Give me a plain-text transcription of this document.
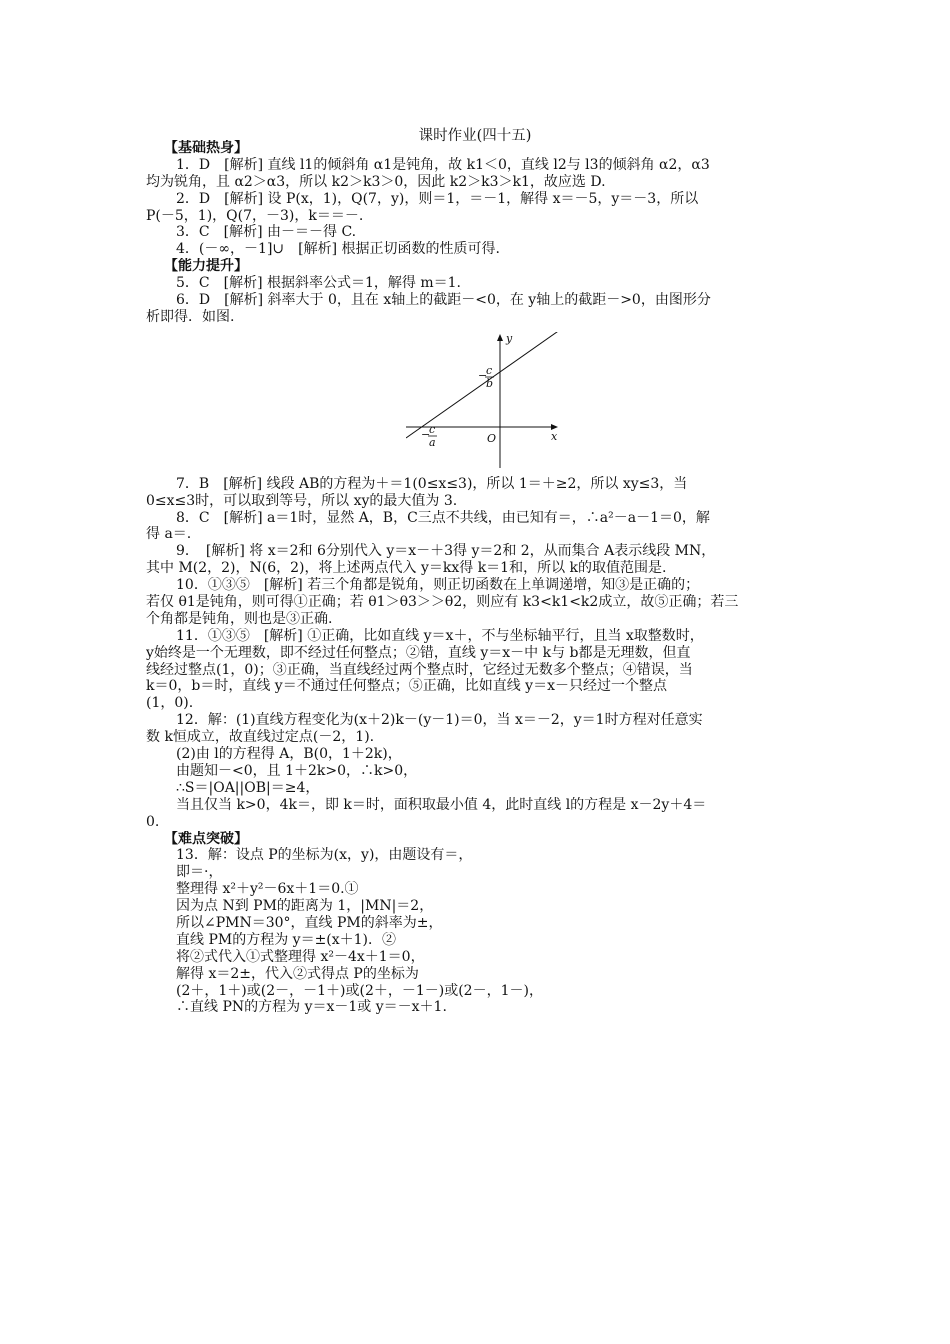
课时作业(四十五)
【基础热身】
1．D　[解析] 直线 l1的倾斜角 α1是钝角，故 k1＜0，直线 l2与 l3的倾斜角 α2，α3
均为锐角，且 α2＞α3，所以 k2＞k3＞0，因此 k2＞k3＞k1，故应选 D.
2．D　[解析] 设 P(x，1)，Q(7，y)，则＝1，＝－1，解得 x＝－5，y＝－3，所以
P(－5，1)，Q(7，－3)，k＝＝－.
3．C　[解析] 由－＝－得 C.
4．(－∞，－1]∪　[解析] 根据正切函数的性质可得.
【能力提升】
5．C　[解析] 根据斜率公式＝1，解得 m＝1.
6．D　[解析] 斜率大于 0，且在 x轴上的截距－<0，在 y轴上的截距－>0，由图形分
析即得．如图.
y
x
O
−
c
b
−
c
a
7．B　[解析] 线段 AB的方程为＋＝1(0≤x≤3)，所以 1＝＋≥2，所以 xy≤3，当
0≤x≤3时，可以取到等号，所以 xy的最大值为 3.
8．C　[解析] a＝1时，显然 A，B，C三点不共线，由已知有＝，∴a²－a－1＝0，解
得 a＝.
9．　[解析] 将 x＝2和 6分别代入 y＝x－＋3得 y＝2和 2，从而集合 A表示线段 MN，
其中 M(2，2)，N(6，2)，将上述两点代入 y＝kx得 k＝1和，所以 k的取值范围是.
10．①③⑤　[解析] 若三个角都是锐角，则正切函数在上单调递增，知③是正确的；
若仅 θ1是钝角，则可得①正确；若 θ1＞θ3＞＞θ2，则应有 k3<k1<k2成立，故⑤正确；若三
个角都是钝角，则也是③正确.
11．①③⑤　[解析] ①正确，比如直线 y＝x＋，不与坐标轴平行，且当 x取整数时，
y始终是一个无理数，即不经过任何整点；②错，直线 y＝x－中 k与 b都是无理数，但直
线经过整点(1，0)；③正确，当直线经过两个整点时，它经过无数多个整点；④错误，当
k＝0，b＝时，直线 y＝不通过任何整点；⑤正确，比如直线 y＝x－只经过一个整点
(1，0).
12．解：(1)直线方程变化为(x＋2)k－(y－1)＝0，当 x＝－2，y＝1时方程对任意实
数 k恒成立，故直线过定点(－2，1).
(2)由 l的方程得 A，B(0，1＋2k)，
由题知－<0，且 1＋2k>0，∴k>0，
∴S＝|OA||OB|＝≥4，
当且仅当 k>0，4k＝，即 k＝时，面积取最小值 4，此时直线 l的方程是 x－2y＋4＝
0.
【难点突破】
13．解：设点 P的坐标为(x，y)，由题设有＝，
即＝·，
整理得 x²＋y²－6x＋1＝0.①
因为点 N到 PM的距离为 1，|MN|＝2，
所以∠PMN＝30°，直线 PM的斜率为±，
直线 PM的方程为 y＝±(x＋1)．②
将②式代入①式整理得 x²－4x＋1＝0，
解得 x＝2±，代入②式得点 P的坐标为
(2＋，1＋)或(2－，－1＋)或(2＋，－1－)或(2－，1－)，
∴直线 PN的方程为 y＝x－1或 y＝－x＋1.
